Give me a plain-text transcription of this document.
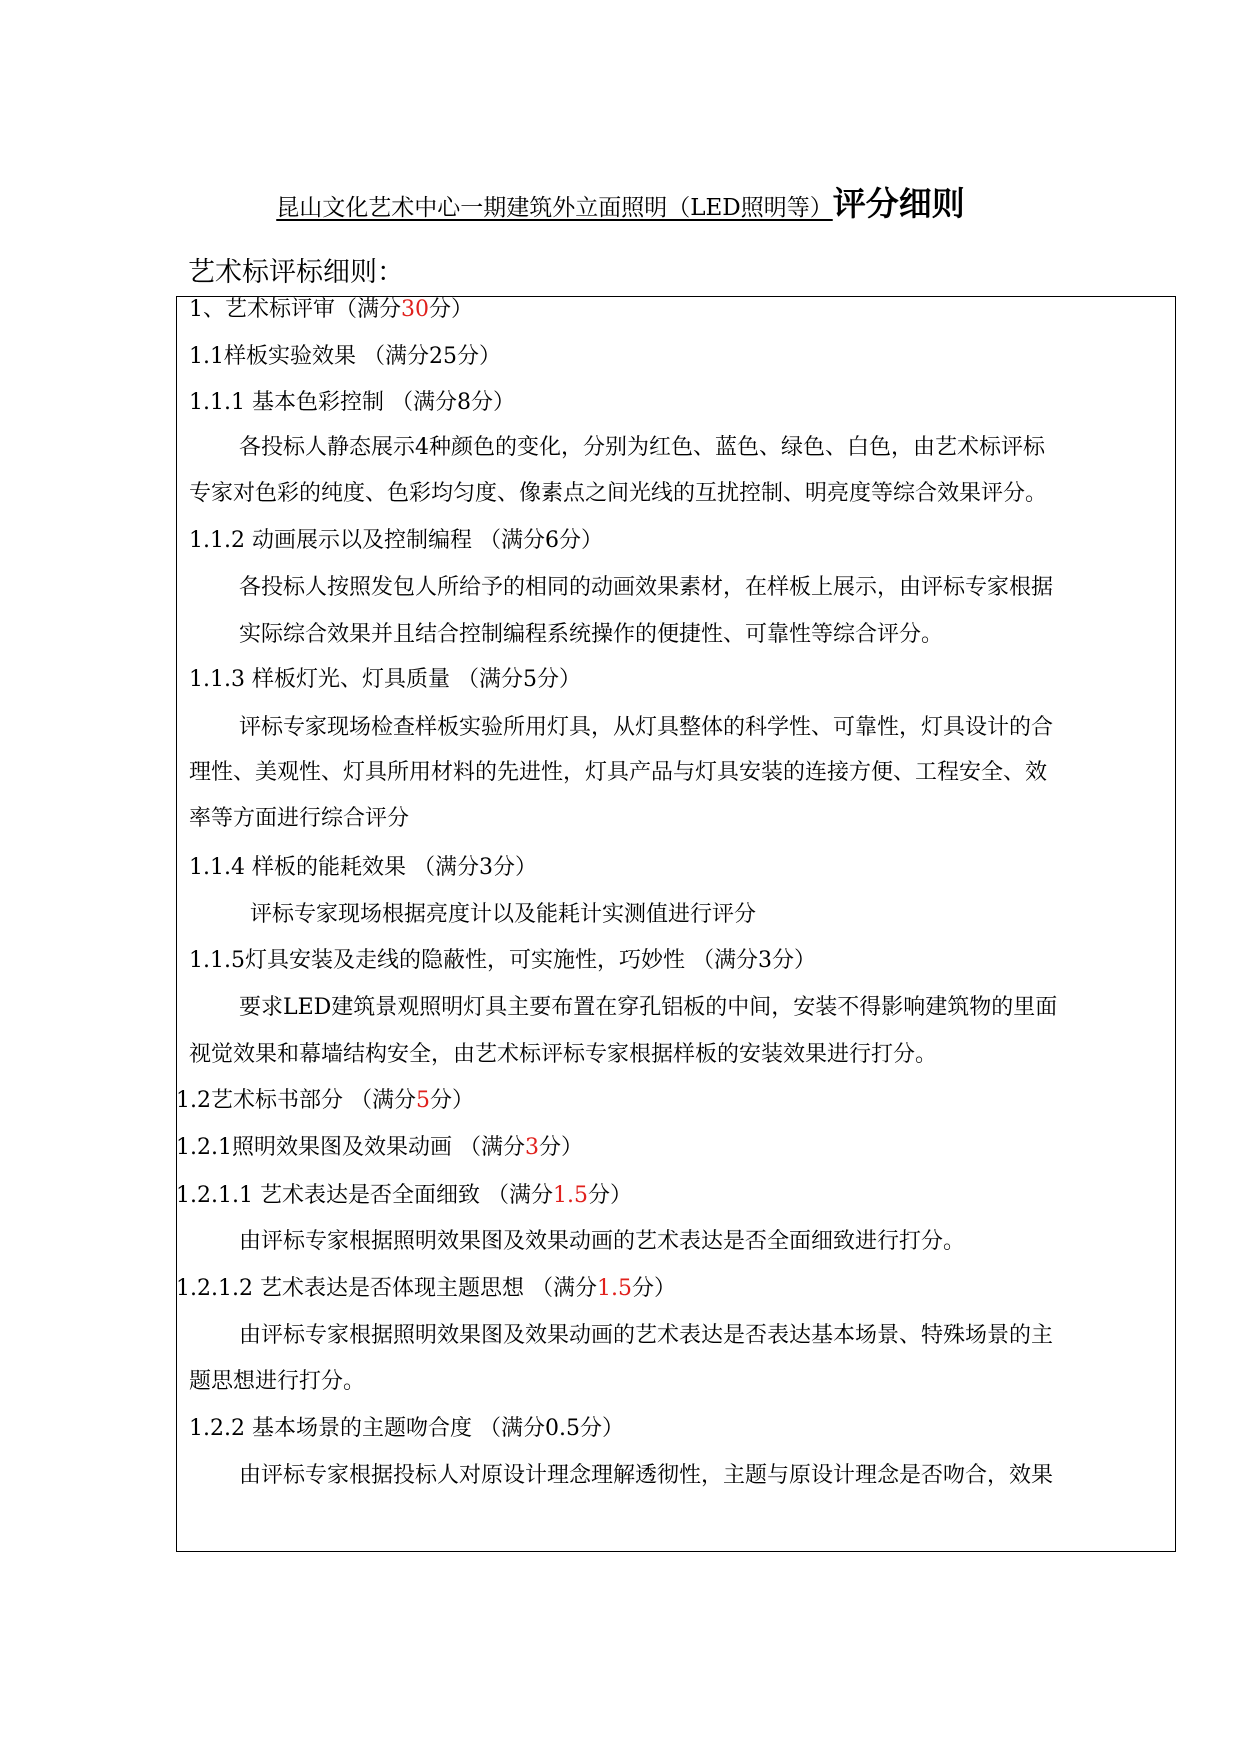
昆山文化艺术中心一期建筑外立面照明（LED照明等）评分细则
艺术标评标细则：
1、艺术标评审（满分30分）
1.1样板实验效果 （满分25分）
1.1.1 基本色彩控制 （满分8分）
各投标人静态展示4种颜色的变化，分别为红色、蓝色、绿色、白色，由艺术标评标
专家对色彩的纯度、色彩均匀度、像素点之间光线的互扰控制、明亮度等综合效果评分。
1.1.2 动画展示以及控制编程 （满分6分）
各投标人按照发包人所给予的相同的动画效果素材，在样板上展示，由评标专家根据
实际综合效果并且结合控制编程系统操作的便捷性、可靠性等综合评分。
1.1.3 样板灯光、灯具质量 （满分5分）
评标专家现场检查样板实验所用灯具，从灯具整体的科学性、可靠性，灯具设计的合
理性、美观性、灯具所用材料的先进性，灯具产品与灯具安装的连接方便、工程安全、效
率等方面进行综合评分
1.1.4 样板的能耗效果 （满分3分）
评标专家现场根据亮度计以及能耗计实测值进行评分
1.1.5灯具安装及走线的隐蔽性，可实施性，巧妙性 （满分3分）
要求LED建筑景观照明灯具主要布置在穿孔铝板的中间，安装不得影响建筑物的里面
视觉效果和幕墙结构安全，由艺术标评标专家根据样板的安装效果进行打分。
1.2艺术标书部分 （满分5分）
1.2.1照明效果图及效果动画 （满分3分）
1.2.1.1 艺术表达是否全面细致 （满分1.5分）
由评标专家根据照明效果图及效果动画的艺术表达是否全面细致进行打分。
1.2.1.2 艺术表达是否体现主题思想 （满分1.5分）
由评标专家根据照明效果图及效果动画的艺术表达是否表达基本场景、特殊场景的主
题思想进行打分。
1.2.2 基本场景的主题吻合度 （满分0.5分）
由评标专家根据投标人对原设计理念理解透彻性，主题与原设计理念是否吻合，效果
